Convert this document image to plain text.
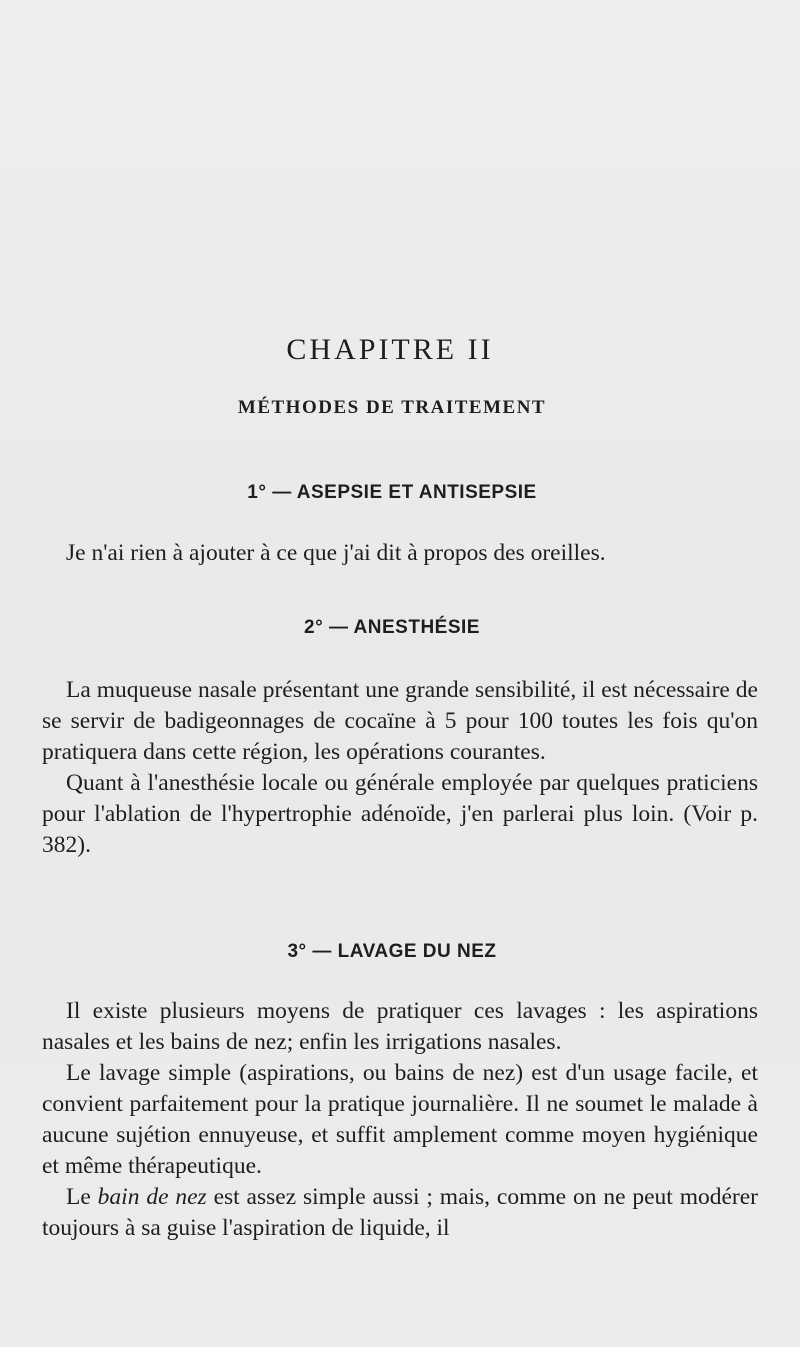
CHAPITRE II
MÉTHODES DE TRAITEMENT
1° — ASEPSIE ET ANTISEPSIE
Je n'ai rien à ajouter à ce que j'ai dit à propos des oreilles.
2° — ANESTHÉSIE

La muqueuse nasale présentant une grande sensibilité, il est nécessaire de se servir de badigeonnages de cocaïne à 5 pour 100 toutes les fois qu'on pratiquera dans cette région, les opérations courantes.

Quant à l'anesthésie locale ou générale employée par quelques praticiens pour l'ablation de l'hypertrophie adénoïde, j'en parlerai plus loin. (Voir p. 382).

3° — LAVAGE DU NEZ

Il existe plusieurs moyens de pratiquer ces lavages : les aspirations nasales et les bains de nez; enfin les irrigations nasales.

Le lavage simple (aspirations, ou bains de nez) est d'un usage facile, et convient parfaitement pour la pratique journalière. Il ne soumet le malade à aucune sujétion ennuyeuse, et suffit amplement comme moyen hygiénique et même thérapeutique.

Le bain de nez est assez simple aussi ; mais, comme on ne peut modérer toujours à sa guise l'aspiration de liquide, il
